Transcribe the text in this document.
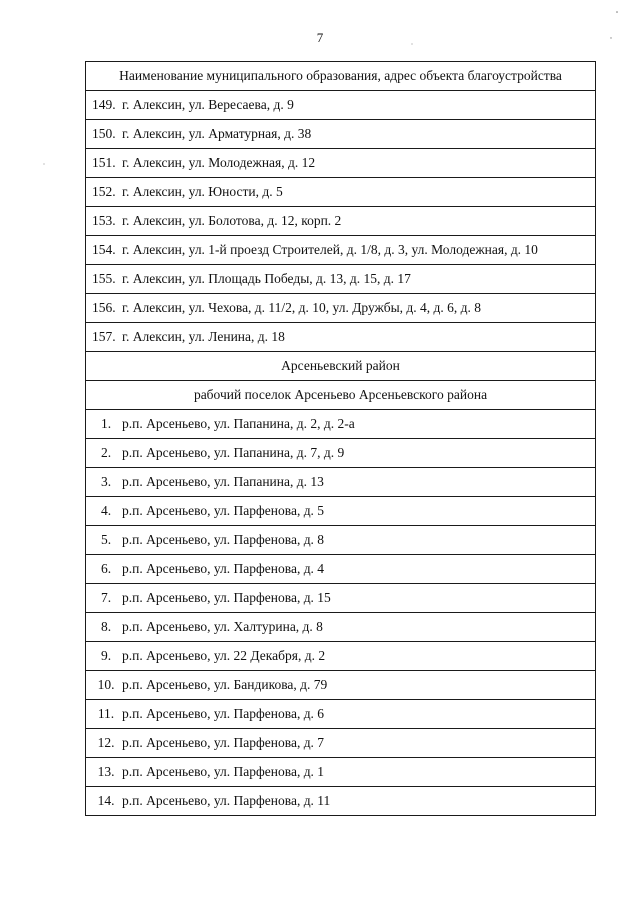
7
Наименование муниципального образования, адрес объекта благоустройства

149. г. Алексин, ул. Вересаева, д. 9

150. г. Алексин, ул. Арматурная, д. 38

151. г. Алексин, ул. Молодежная, д. 12

152. г. Алексин, ул. Юности, д. 5

153. г. Алексин, ул. Болотова, д. 12, корп. 2

154. г. Алексин, ул. 1-й проезд Строителей, д. 1/8, д. 3, ул. Молодежная, д. 10

155. г. Алексин, ул. Площадь Победы, д. 13, д. 15, д. 17

156. г. Алексин, ул. Чехова, д. 11/2, д. 10, ул. Дружбы, д. 4, д. 6, д. 8

157. г. Алексин, ул. Ленина, д. 18

Арсеньевский район
рабочий поселок Арсеньево Арсеньевского района

1. р.п. Арсеньево, ул. Папанина, д. 2, д. 2-а

2. р.п. Арсеньево, ул. Папанина, д. 7, д. 9

3. р.п. Арсеньево, ул. Папанина, д. 13

4. р.п. Арсеньево, ул. Парфенова, д. 5

5. р.п. Арсеньево, ул. Парфенова, д. 8

6. р.п. Арсеньево, ул. Парфенова, д. 4

7. р.п. Арсеньево, ул. Парфенова, д. 15

8. р.п. Арсеньево, ул. Халтурина, д. 8

9. р.п. Арсеньево, ул. 22 Декабря, д. 2

10. р.п. Арсеньево, ул. Бандикова, д. 79

11. р.п. Арсеньево, ул. Парфенова, д. 6

12. р.п. Арсеньево, ул. Парфенова, д. 7

13. р.п. Арсеньево, ул. Парфенова, д. 1

14. р.п. Арсеньево, ул. Парфенова, д. 11
